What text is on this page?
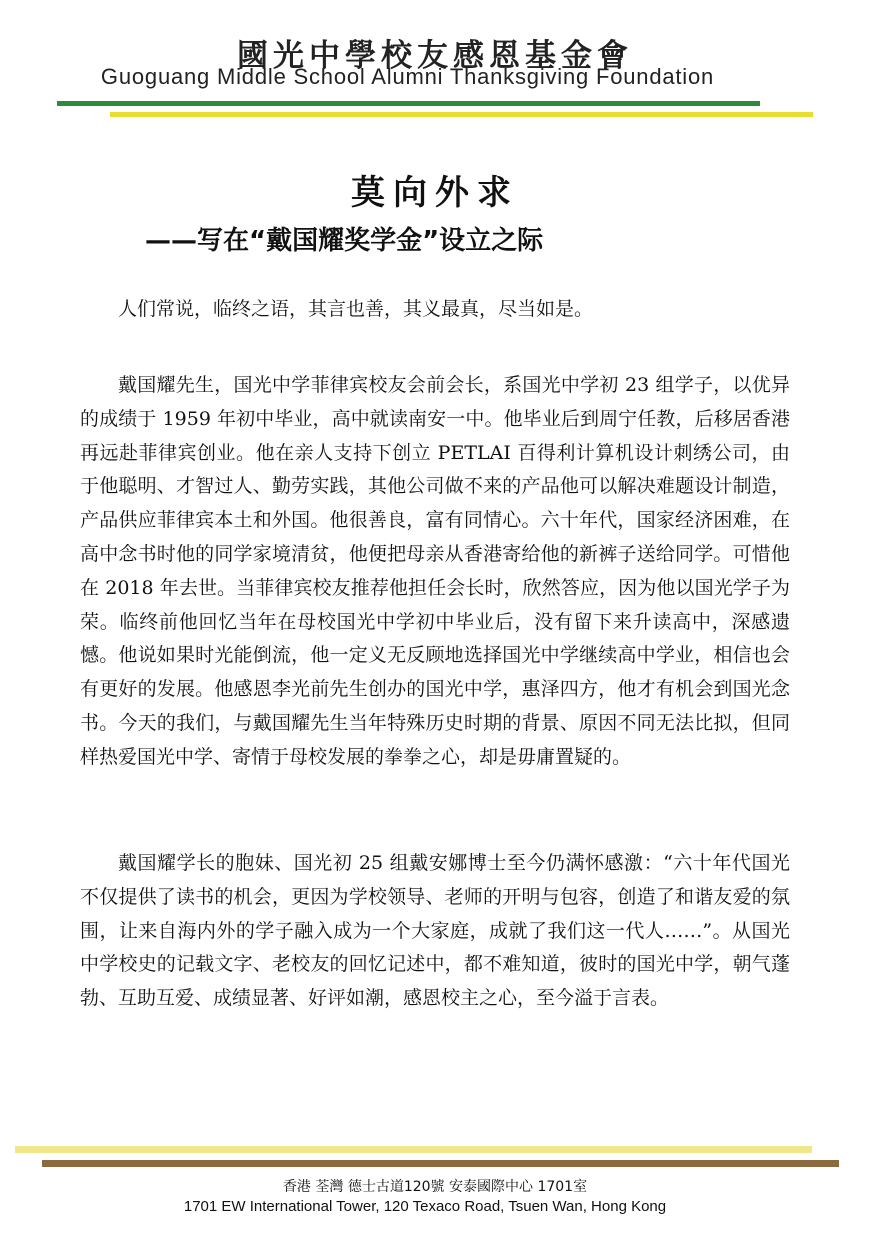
國光中學校友感恩基金會
Guoguang Middle School Alumni Thanksgiving Foundation
莫向外求
——写在“戴国耀奖学金”设立之际

人们常说，临终之语，其言也善，其义最真，尽当如是。

戴国耀先生，国光中学菲律宾校友会前会长，系国光中学初 23 组学子，以优异的成绩于 1959 年初中毕业，高中就读南安一中。他毕业后到周宁任教，后移居香港再远赴菲律宾创业。他在亲人支持下创立 PETLAI 百得利计算机设计刺绣公司，由于他聪明、才智过人、勤劳实践，其他公司做不来的产品他可以解决难题设计制造，产品供应菲律宾本土和外国。他很善良，富有同情心。六十年代，国家经济困难，在高中念书时他的同学家境清贫，他便把母亲从香港寄给他的新裤子送给同学。可惜他在 2018 年去世。当菲律宾校友推荐他担任会长时，欣然答应，因为他以国光学子为荣。临终前他回忆当年在母校国光中学初中毕业后，没有留下来升读高中，深感遗憾。他说如果时光能倒流，他一定义无反顾地选择国光中学继续高中学业，相信也会有更好的发展。他感恩李光前先生创办的国光中学，惠泽四方，他才有机会到国光念书。今天的我们，与戴国耀先生当年特殊历史时期的背景、原因不同无法比拟，但同样热爱国光中学、寄情于母校发展的拳拳之心，却是毋庸置疑的。

戴国耀学长的胞妹、国光初 25 组戴安娜博士至今仍满怀感激：“六十年代国光不仅提供了读书的机会，更因为学校领导、老师的开明与包容，创造了和谐友爱的氛围，让来自海内外的学子融入成为一个大家庭，成就了我们这一代人……”。从国光中学校史的记载文字、老校友的回忆记述中，都不难知道，彼时的国光中学，朝气蓬勃、互助互爱、成绩显著、好评如潮，感恩校主之心，至今溢于言表。

香港 荃灣 德士古道120號 安泰國際中心 1701室
1701 EW International Tower, 120 Texaco Road, Tsuen Wan, Hong Kong
